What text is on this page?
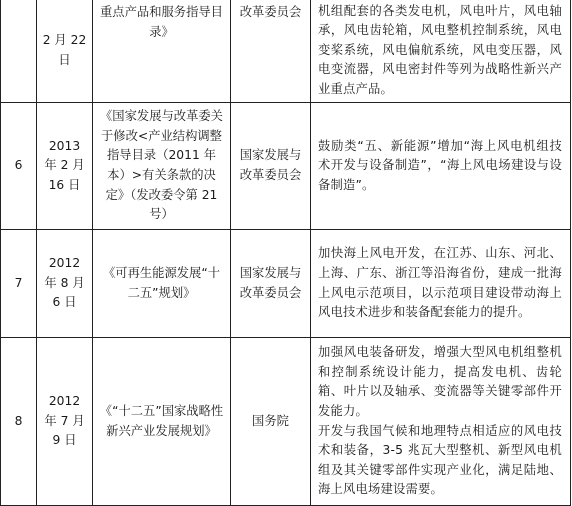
	2 月 22 日	重点产品和服务指导目录》	改革委员会	机组配套的各类发电机，风电叶片，风电轴承，风电齿轮箱，风电整机控制系统，风电变桨系统，风电偏航系统，风电变压器，风电变流器，风电密封件等列为战略性新兴产业重点产品。

6	2013 年 2 月 16 日	《国家发展与改革委关于修改<产业结构调整指导目录（2011 年本）>有关条款的决定》（发改委令第 21 号）	国家发展与改革委员会	鼓励类“五、新能源”增加“海上风电机组技术开发与设备制造”，“海上风电场建设与设备制造”。

7	2012 年 8 月 6 日	《可再生能源发展“十二五”规划》	国家发展与改革委员会	加快海上风电开发，在江苏、山东、河北、上海、广东、浙江等沿海省份，建成一批海上风电示范项目，以示范项目建设带动海上风电技术进步和装备配套能力的提升。

8	2012 年 7 月 9 日	《“十二五”国家战略性新兴产业发展规划》	国务院	加强风电装备研发，增强大型风电机组整机和控制系统设计能力，提高发电机、齿轮箱、叶片以及轴承、变流器等关键零部件开发能力。

开发与我国气候和地理特点相适应的风电技术和装备，3-5 兆瓦大型整机、新型风电机组及其关键零部件实现产业化，满足陆地、海上风电场建设需要。
